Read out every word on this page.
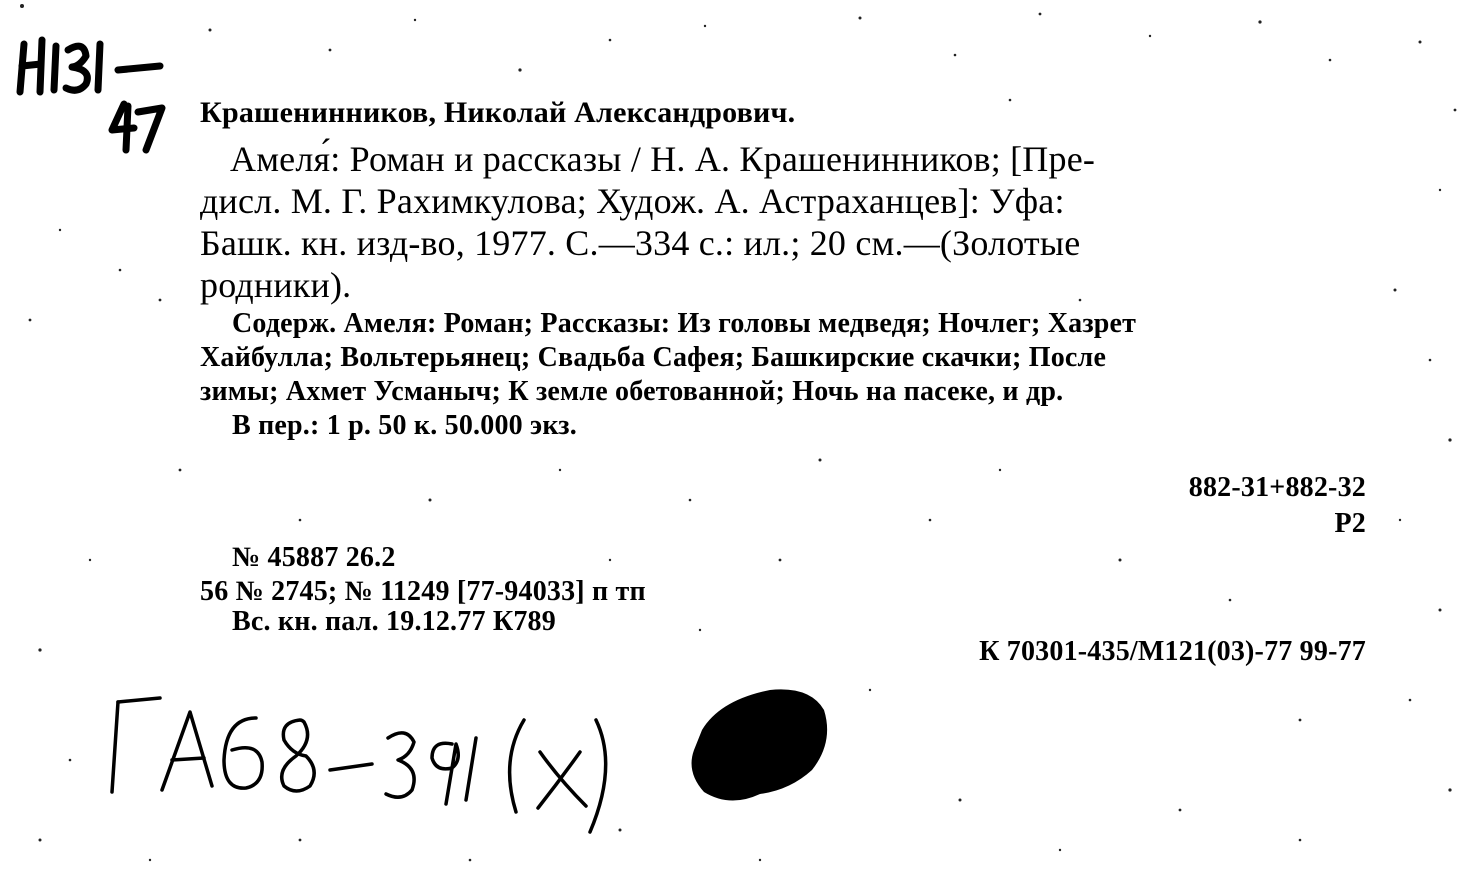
Крашенинников, Николай Александрович.
Амеля́: Роман и рассказы / Н. А. Крашенинников; [Пре-
дисл. М. Г. Рахимкулова; Худож. А. Астраханцев]: Уфа:
Башк. кн. изд-во, 1977. С.—334 с.: ил.; 20 см.—(Золотые
родники).
Содерж. Амеля: Роман; Рассказы: Из головы медведя; Ночлег; Хазрет
Хайбулла; Вольтерьянец; Свадьба Сафея; Башкирские скачки; После
зимы; Ахмет Усманыч; К земле обетованной; Ночь на пасеке, и др.
В пер.: 1 р. 50 к. 50.000 экз.
882-31+882-32
Р2
№ 45887 26.2
56 № 2745; № 11249 [77-94033] п тп
Вс. кн. пал. 19.12.77 К789
К 70301-435/М121(03)-77 99-77
